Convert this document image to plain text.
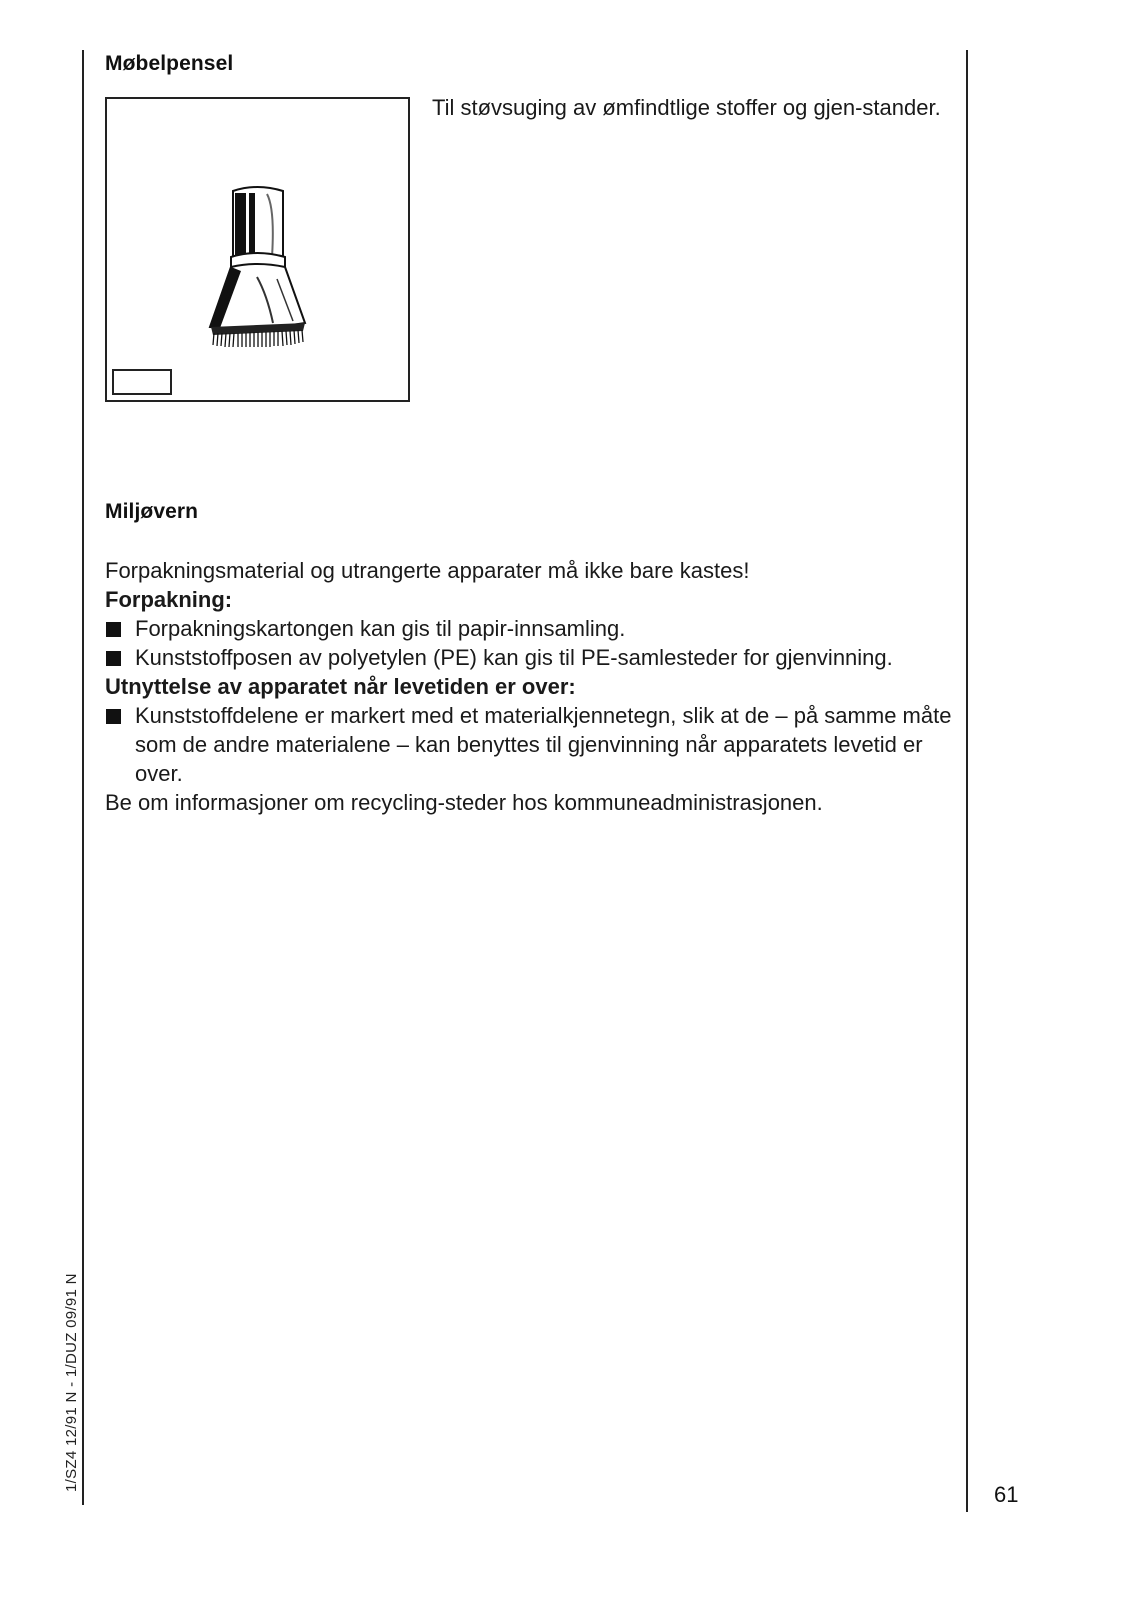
Møbelpensel
Til støvsuging av ømfindtlige stoffer og gjen-stander.
Miljøvern

Forpakningsmaterial og utrangerte apparater må ikke bare kastes!

Forpakning:

Forpakningskartongen kan gis til papir-innsamling.

Kunststoffposen av polyetylen (PE) kan gis til PE-samlesteder for gjenvinning.

Utnyttelse av apparatet når levetiden er over:

Kunststoffdelene er markert med et materialkjennetegn, slik at de – på samme måte som de andre materialene – kan benyttes til gjenvinning når apparatets levetid er over.

Be om informasjoner om recycling-steder hos kommuneadministrasjonen.

1/SZ4 12/91 N - 1/DUZ 09/91 N
61
